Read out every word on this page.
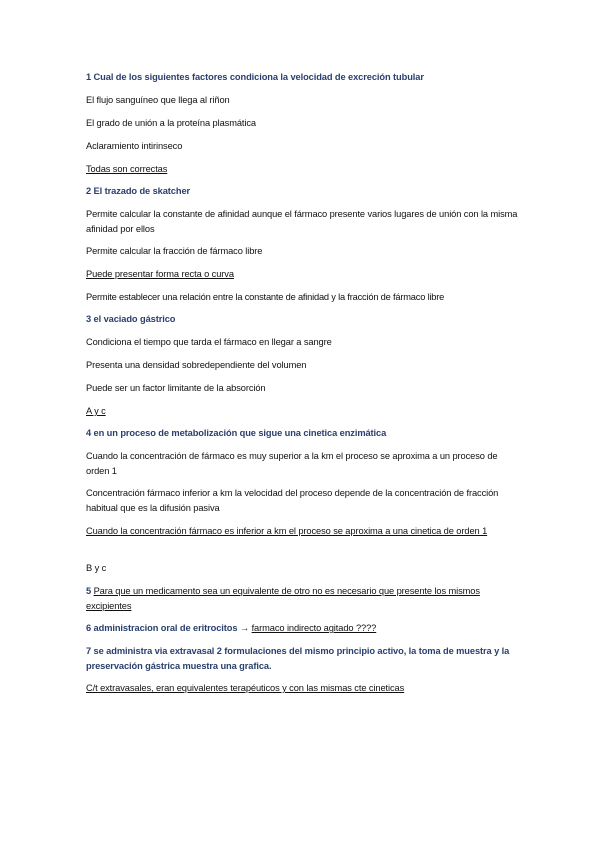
1 Cual de los siguientes factores condiciona la velocidad de excreción tubular
El flujo sanguíneo que llega al riñon
El grado de unión a la proteína plasmática
Aclaramiento intirinseco
Todas son correctas
2 El trazado de skatcher
Permite calcular la constante de afinidad aunque el fármaco presente varios lugares de unión con la misma afinidad por ellos
Permite calcular la fracción de fármaco libre
Puede presentar forma recta o curva
Permite establecer una relación entre la constante de afinidad y la fracción de fármaco libre
3 el vaciado gástrico
Condiciona el tiempo que tarda el fármaco en llegar a sangre
Presenta una densidad sobredependiente del volumen
Puede ser un factor limitante de la absorción
A y c
4 en un proceso de metabolización que sigue una cinetica enzimática
Cuando la concentración de fármaco es muy superior a la km el proceso se aproxima a un proceso de orden 1
Concentración fármaco inferior a km la velocidad del proceso depende de la concentración de fracción habitual que es la difusión pasiva
Cuando la concentración fármaco es inferior a km el proceso se aproxima a una cinetica de orden 1
B y c
5 Para que un medicamento sea un equivalente de otro no es necesario que presente los mismos excipientes
6 administracion oral de eritrocitos → farmaco indirecto agitado ????
7 se administra via extravasal 2 formulaciones del mismo principio activo, la toma de muestra y la preservación gástrica muestra una grafica.
C/t extravasales, eran equivalentes terapéuticos y con las mismas cte cineticas
